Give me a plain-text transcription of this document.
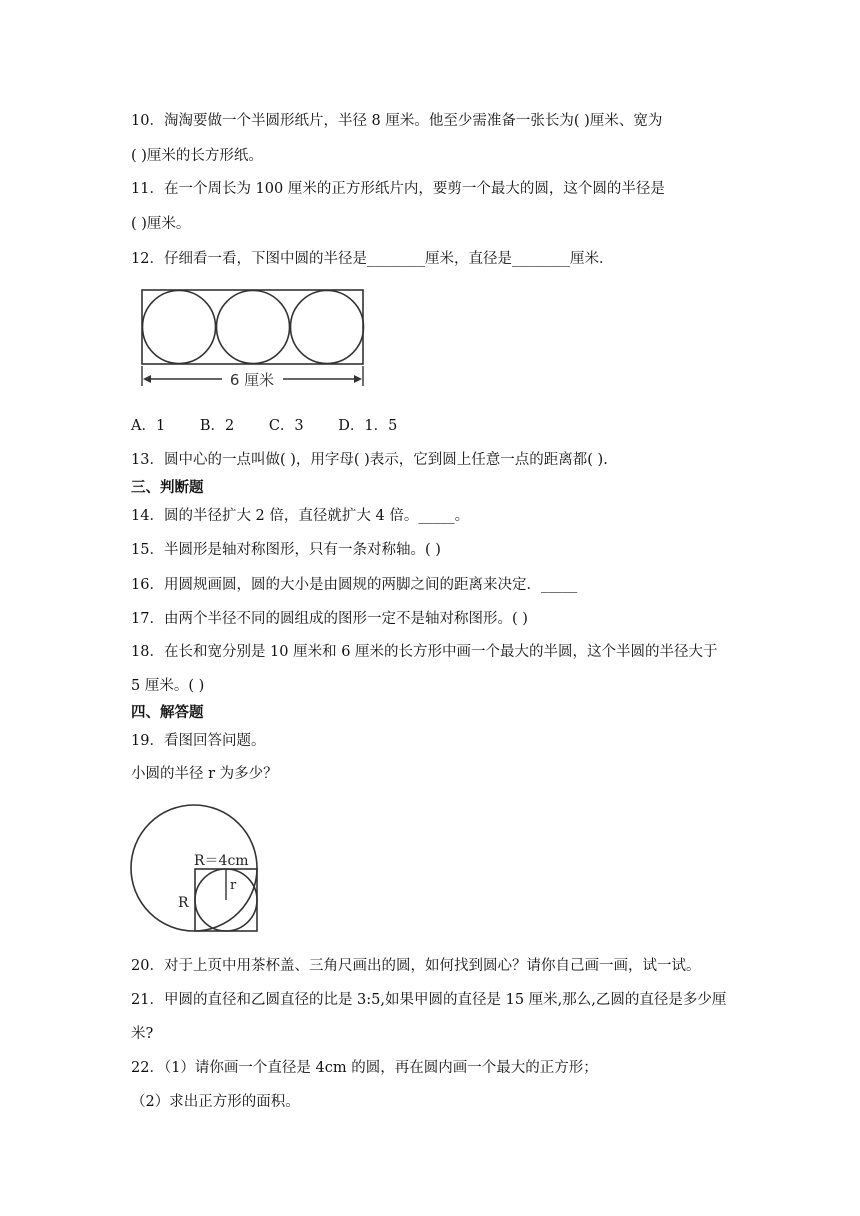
10．淘淘要做一个半圆形纸片，半径 8 厘米。他至少需准备一张长为( )厘米、宽为
( )厘米的长方形纸。
11．在一个周长为 100 厘米的正方形纸片内，要剪一个最大的圆，这个圆的半径是
( )厘米。
12．仔细看一看，下图中圆的半径是________厘米，直径是________厘米．
6 厘米
A．1 B．2 C．3 D．1．5
13．圆中心的一点叫做( )，用字母( )表示，它到圆上任意一点的距离都( ).
三、判断题
14．圆的半径扩大 2 倍，直径就扩大 4 倍。_____。
15．半圆形是轴对称图形，只有一条对称轴。( )
16．用圆规画圆，圆的大小是由圆规的两脚之间的距离来决定．_____
17．由两个半径不同的圆组成的图形一定不是轴对称图形。( )
18．在长和宽分别是 10 厘米和 6 厘米的长方形中画一个最大的半圆，这个半圆的半径大于
5 厘米。( )
四、解答题
19．看图回答问题。
小圆的半径 r 为多少？
R＝4cm
r
R
20．对于上页中用茶杯盖、三角尺画出的圆，如何找到圆心？请你自己画一画，试一试。
21．甲圆的直径和乙圆直径的比是 3:5,如果甲圆的直径是 15 厘米,那么,乙圆的直径是多少厘
米?
22．（1）请你画一个直径是 4cm 的圆，再在圆内画一个最大的正方形；
（2）求出正方形的面积。
